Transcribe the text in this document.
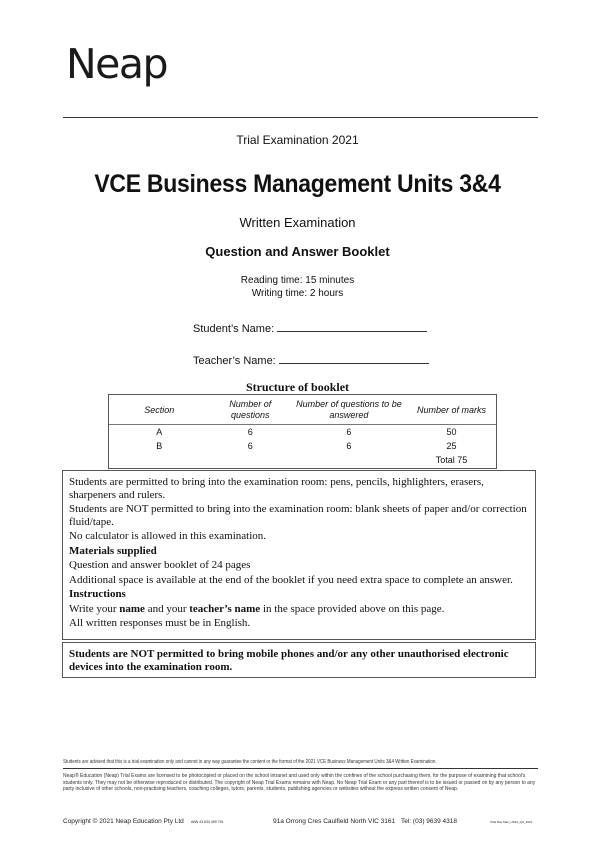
Neap
Trial Examination 2021
VCE Business Management Units 3&4
Written Examination
Question and Answer Booklet
Reading time: 15 minutes
Writing time: 2 hours
Student’s Name:
Teacher’s Name:
Structure of booklet
Section	Number of questions	Number of questions to be answered	Number of marks
A	6	6	50
B	6	6	25
			Total 75

Students are permitted to bring into the examination room: pens, pencils, highlighters, erasers, sharpeners and rulers.

Students are NOT permitted to bring into the examination room: blank sheets of paper and/or correction fluid/tape.

No calculator is allowed in this examination.

Materials supplied

Question and answer booklet of 24 pages

Additional space is available at the end of the booklet if you need extra space to complete an answer.

Instructions

Write your name and your teacher’s name in the space provided above on this page.

All written responses must be in English.

Students are NOT permitted to bring mobile phones and/or any other unauthorised electronic devices into the examination room.
Students are advised that this is a trial examination only and cannot in any way guarantee the content or the format of the 2021 VCE Business Management Units 3&4 Written Examination.
Neap® Education (Neap) Trial Exams are licensed to be photocopied or placed on the school intranet and used only within the confines of the school purchasing them, for the purpose of examining that school's students only. They may not be otherwise reproduced or distributed. The copyright of Neap Trial Exams remains with Neap. No Neap Trial Exam or any part thereof is to be issued or passed on by any person to any party inclusive of other schools, non-practising teachers, coaching colleges, tutors, parents, students, publishing agencies or websites without the express written consent of Neap.
Copyright © 2021 Neap Education Pty Ltd ABN 43 634 499 791	91a Orrong Cres Caulfield North VIC 3161 Tel: (03) 9639 4318	VCE Bus Man_U3&4_QA_2021
